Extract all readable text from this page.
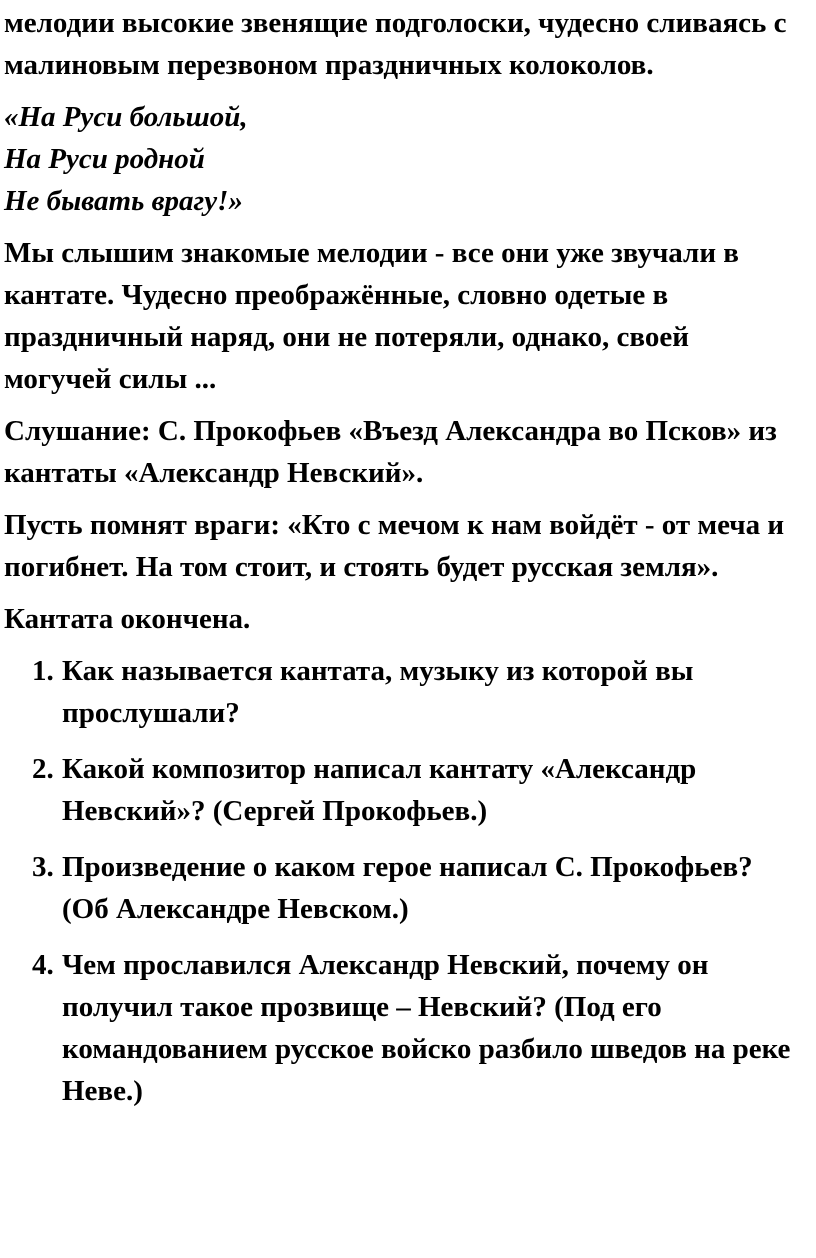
мелодии высокие звенящие подголоски, чудесно сливаясь с малиновым перезвоном праздничных колоколов.

«На Руси большой,
На Руси родной
Не бывать врагу!»

Мы слышим знакомые мелодии - все они уже звучали в кантате. Чудесно преображённые, словно одетые в праздничный наряд, они не потеряли, однако, своей могучей силы ...

Слушание: С. Прокофьев «Въезд Александра во Псков» из кантаты «Александр Невский».

Пусть помнят враги: «Кто с мечом к нам войдёт - от меча и погибнет. На том стоит, и стоять будет русская земля».

Кантата окончена.

1. Как называется кантата, музыку из которой вы прослушали?
2. Какой композитор написал кантату «Александр Невский»? (Сергей Прокофьев.)
3. Произведение о каком герое написал С. Прокофьев? (Об Александре Невском.)
4. Чем прославился Александр Невский, почему он получил такое прозвище – Невский? (Под его командованием русское войско разбило шведов на реке Неве.)
